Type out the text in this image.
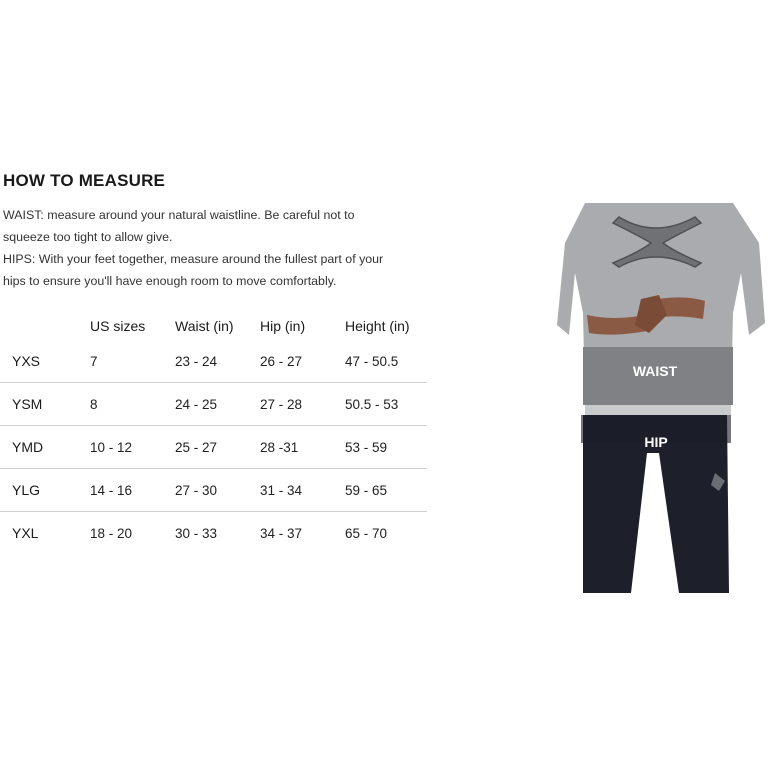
HOW TO MEASURE

WAIST: measure around your natural waistline. Be careful not to

squeeze too tight to allow give.

HIPS: With your feet together, measure around the fullest part of your

hips to ensure you'll have enough room to move comfortably.

	US sizes	Waist (in)	Hip (in)	Height (in)
YXS	7	23 - 24	26 - 27	47 - 50.5
YSM	8	24 - 25	27 - 28	50.5 - 53
YMD	10 - 12	25 - 27	28 -31	53 - 59
YLG	14 - 16	27 - 30	31 - 34	59 - 65
YXL	18 - 20	30 - 33	34 - 37	65 - 70
WAIST
HIP
